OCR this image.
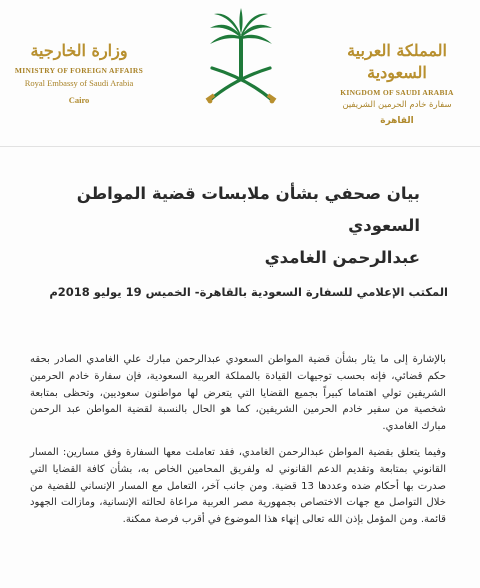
وزارة الخارجية
MINISTRY OF FOREIGN AFFAIRS
Royal Embassy of Saudi Arabia
Cairo
المملكة العربية السعودية
KINGDOM OF SAUDI ARABIA
سفارة خادم الحرمين الشريفين
القاهرة
بيان صحفي بشأن ملابسات قضية المواطن السعودي
عبدالرحمن الغامدي
المكتب الإعلامي للسفارة السعودية بالقاهرة- الخميس 19 يوليو 2018م
بالإشارة إلى ما يثار بشأن قضية المواطن السعودي عبدالرحمن مبارك علي الغامدي الصادر بحقه حكم قضائي، فإنه بحسب توجيهات القيادة بالمملكة العربية السعودية، فإن سفارة خادم الحرمين الشريفين تولي اهتماما كبيراً بجميع القضايا التي يتعرض لها مواطنون سعوديين، وتحظى بمتابعة شخصية من سفير خادم الحرمين الشريفين، كما هو الحال بالنسبة لقضية المواطن عبد الرحمن مبارك الغامدي.
وفيما يتعلق بقضية المواطن عبدالرحمن الغامدي، فقد تعاملت معها السفارة وفق مسارين: المسار القانوني بمتابعة وتقديم الدعم القانوني له ولفريق المحامين الخاص به، بشأن كافة القضايا التي صدرت بها أحكام ضده وعددها 13 قضية. ومن جانب آخر، التعامل مع المسار الإنساني للقضية من خلال التواصل مع جهات الاختصاص بجمهورية مصر العربية مراعاة لحالته الإنسانية، ومازالت الجهود قائمة. ومن المؤمل بإذن الله تعالى إنهاء هذا الموضوع في أقرب فرصة ممكنة.
